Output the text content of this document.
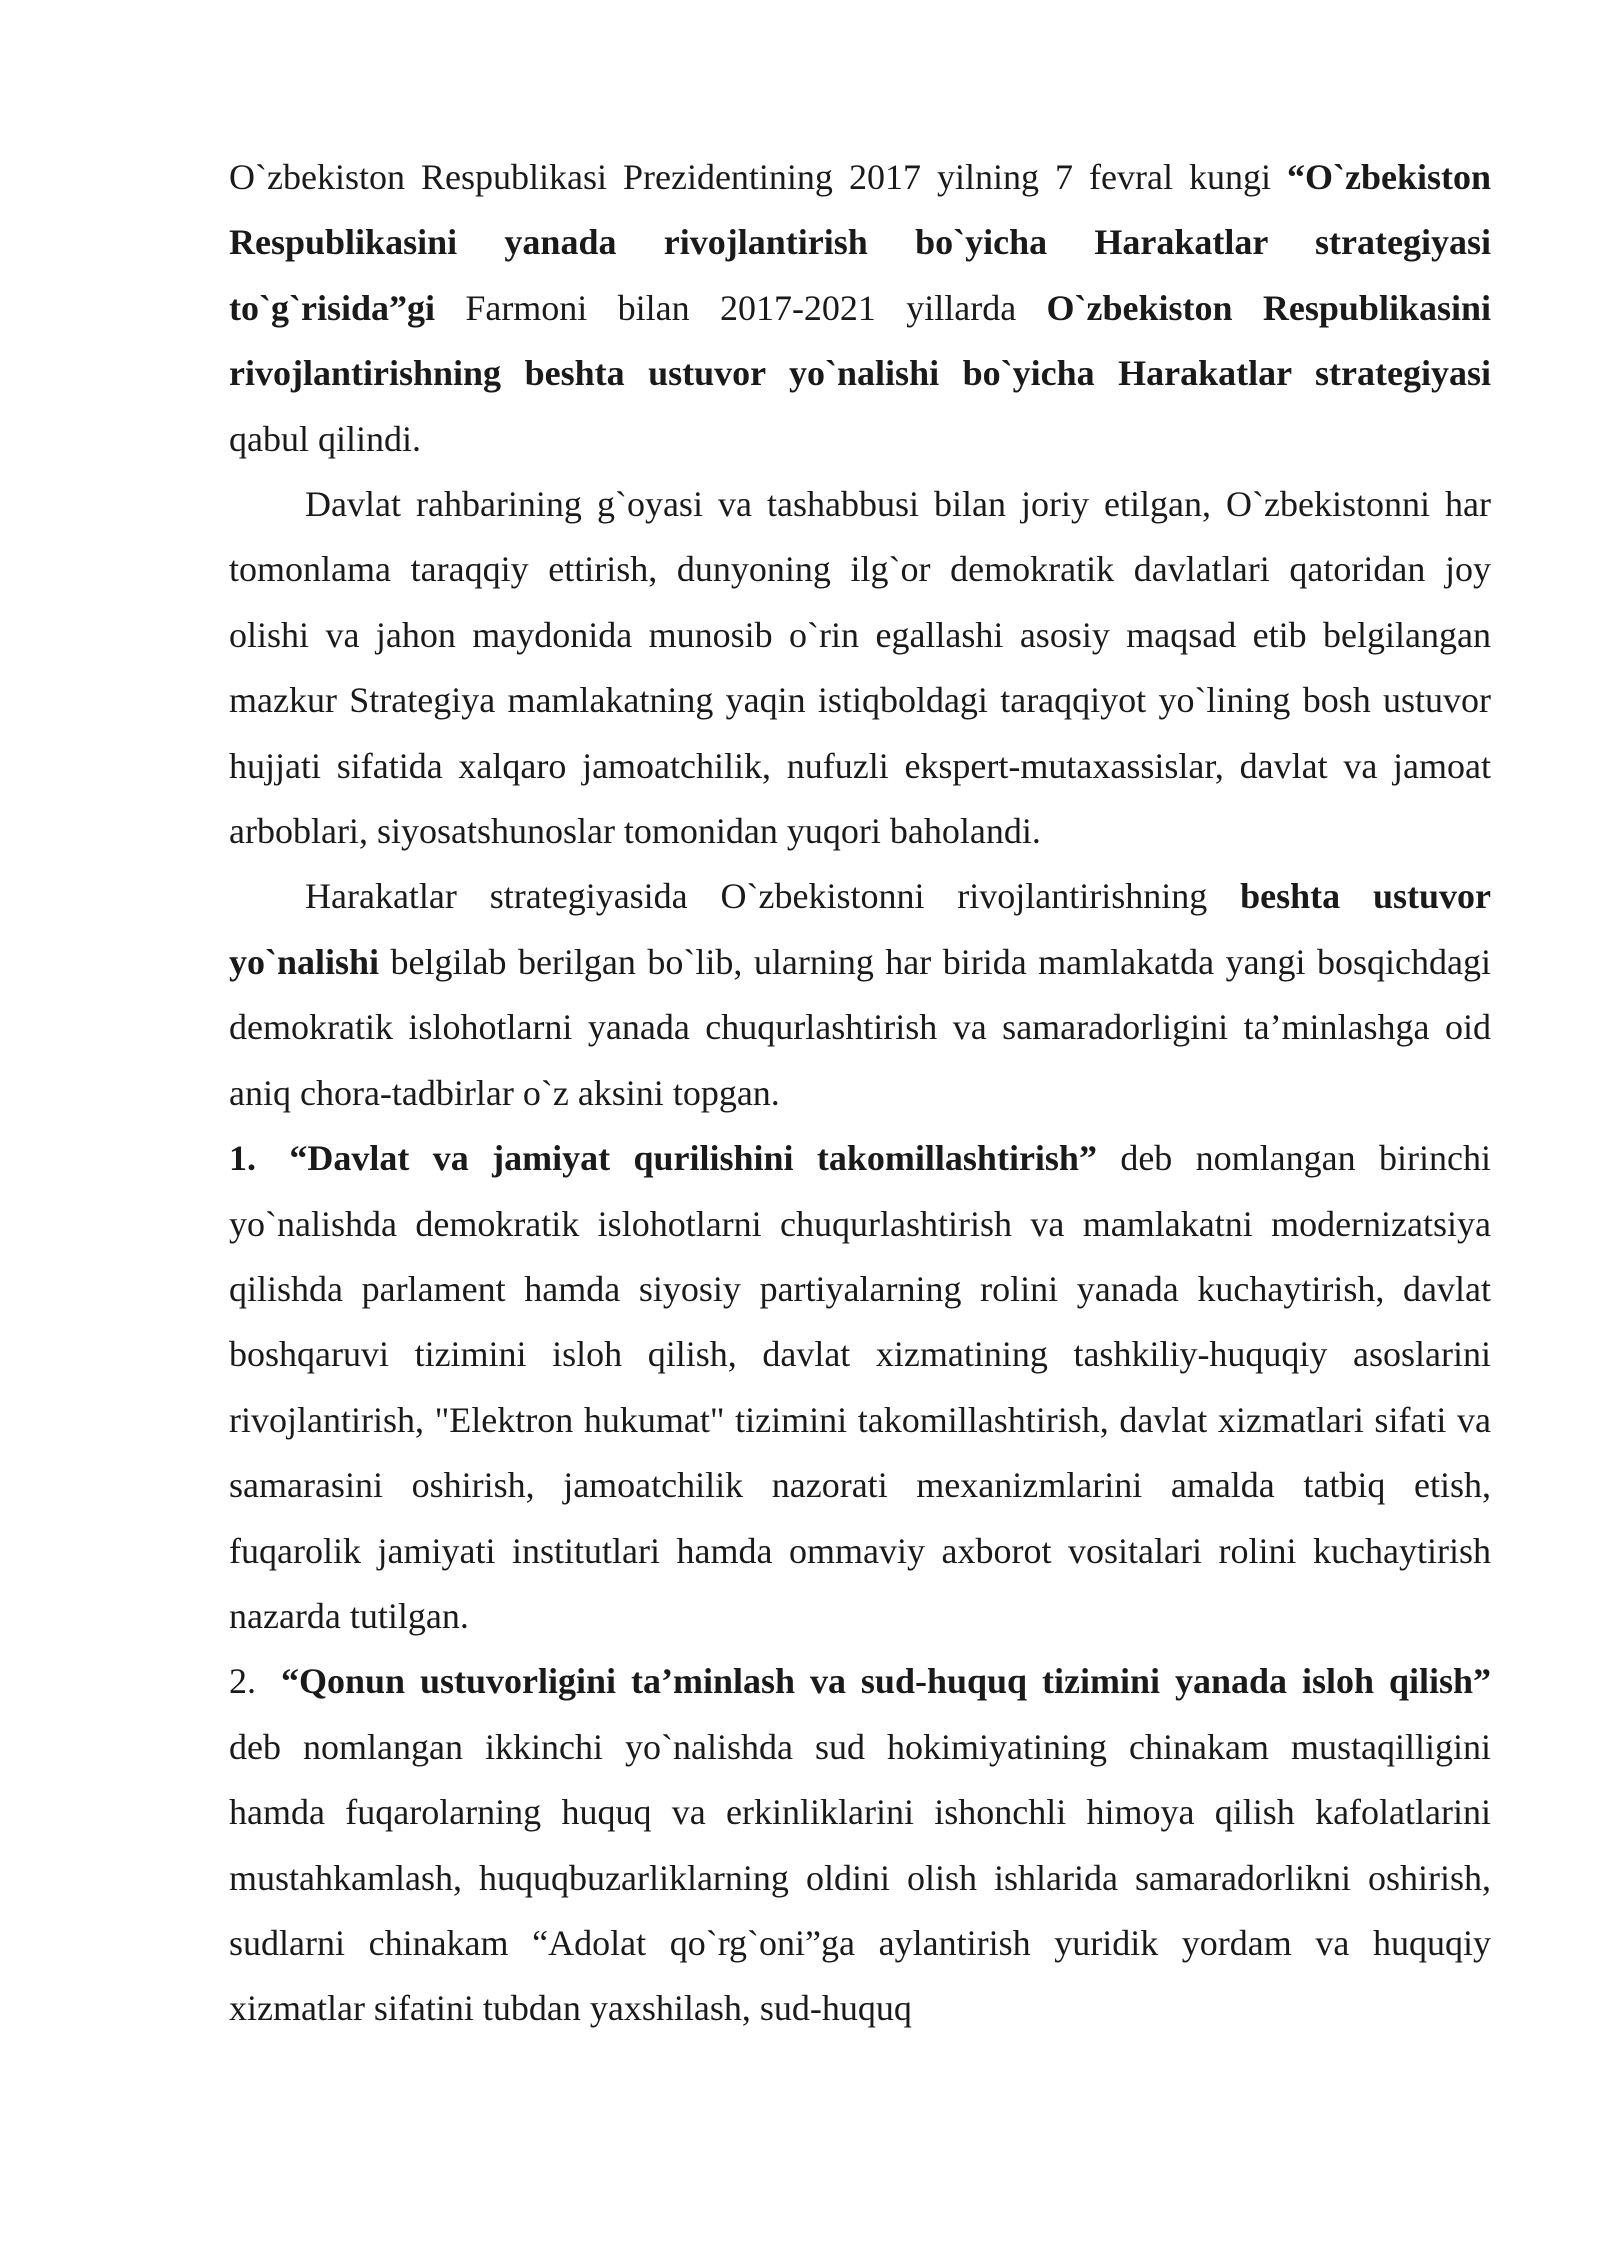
O`zbekiston Respublikasi Prezidentining 2017 yilning 7 fevral kungi “O`zbekiston Respublikasini yanada rivojlantirish bo`yicha Harakatlar strategiyasi to`g`risida”gi Farmoni bilan 2017-2021 yillarda O`zbekiston Respublikasini rivojlantirishning beshta ustuvor yo`nalishi bo`yicha Harakatlar strategiyasi qabul qilindi.

Davlat rahbarining g`oyasi va tashabbusi bilan joriy etilgan, O`zbekistonni har tomonlama taraqqiy ettirish, dunyoning ilg`or demokratik davlatlari qatoridan joy olishi va jahon maydonida munosib o`rin egallashi asosiy maqsad etib belgilangan mazkur Strategiya mamlakatning yaqin istiqboldagi taraqqiyot yo`lining bosh ustuvor hujjati sifatida xalqaro jamoatchilik, nufuzli ekspert-mutaxassislar, davlat va jamoat arboblari, siyosatshunoslar tomonidan yuqori baholandi.

Harakatlar strategiyasida O`zbekistonni rivojlantirishning beshta ustuvor yo`nalishi belgilab berilgan bo`lib, ularning har birida mamlakatda yangi bosqichdagi demokratik islohotlarni yanada chuqurlashtirish va samaradorligini ta’minlashga oid aniq chora-tadbirlar o`z aksini topgan.

1. “Davlat va jamiyat qurilishini takomillashtirish” deb nomlangan birinchi yo`nalishda demokratik islohotlarni chuqurlashtirish va mamlakatni modernizatsiya qilishda parlament hamda siyosiy partiyalarning rolini yanada kuchaytirish, davlat boshqaruvi tizimini isloh qilish, davlat xizmatining tashkiliy-huquqiy asoslarini rivojlantirish, "Elektron hukumat" tizimini takomillashtirish, davlat xizmatlari sifati va samarasini oshirish, jamoatchilik nazorati mexanizmlarini amalda tatbiq etish, fuqarolik jamiyati institutlari hamda ommaviy axborot vositalari rolini kuchaytirish nazarda tutilgan.

2. “Qonun ustuvorligini ta’minlash va sud-huquq tizimini yanada isloh qilish” deb nomlangan ikkinchi yo`nalishda sud hokimiyatining chinakam mustaqilligini hamda fuqarolarning huquq va erkinliklarini ishonchli himoya qilish kafolatlarini mustahkamlash, huquqbuzarliklarning oldini olish ishlarida samaradorlikni oshirish, sudlarni chinakam “Adolat qo`rg`oni”ga aylantirish yuridik yordam va huquqiy xizmatlar sifatini tubdan yaxshilash, sud-huquq
